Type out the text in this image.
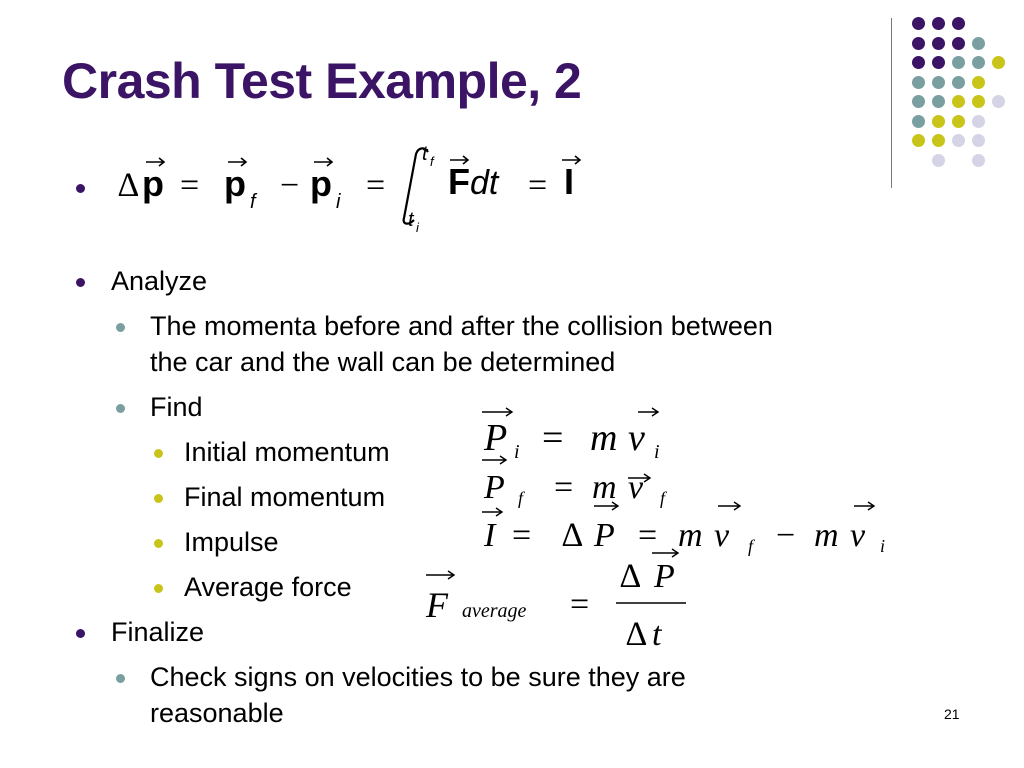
Crash Test Example, 2
∆ p p p	F	I
f	i
= − =	=
t f
t i
dt
Analyze
The momenta before and after the collision between
the car and the wall can be determined
Find
Initial momentum
Final momentum
Impulse
Average force
Finalize
Check signs on velocities to be sure they are
reasonable
P i m v i
=
P f m v f
=
I	P m v f m v i
= ∆ =	−
F average
P
t
=
∆
∆
21
